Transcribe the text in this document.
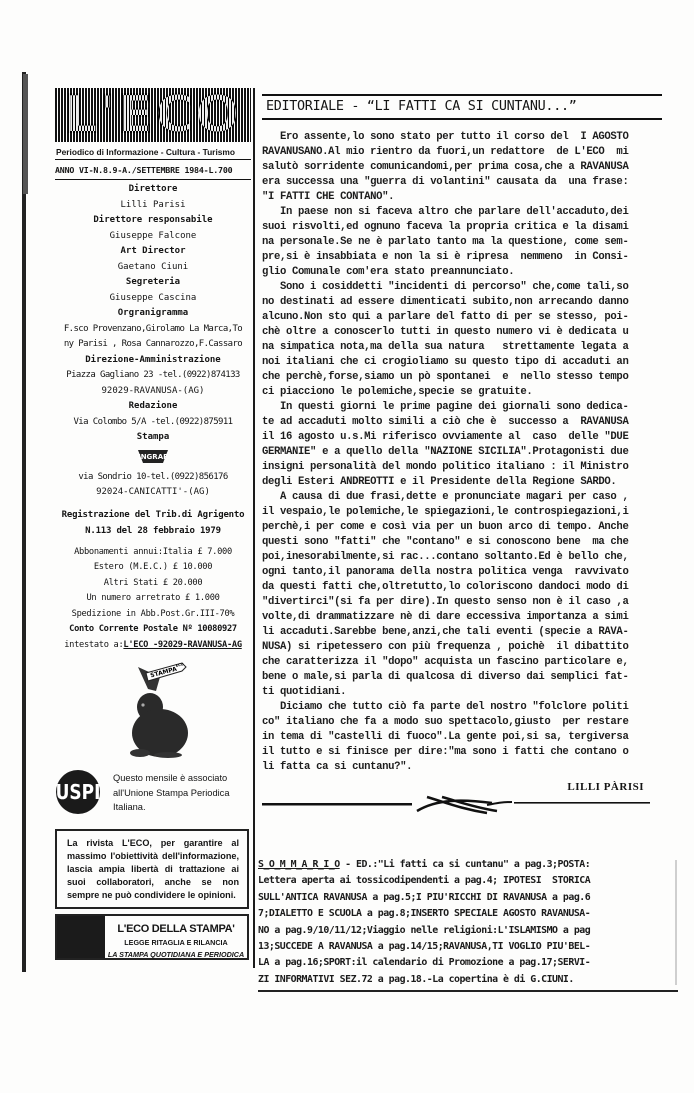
L'ECO
Periodico di Informazione - Cultura - Turismo
ANNO VI-N.8.9-A./SETTEMBRE 1984-L.700
Direttore
Lilli Parisi
Direttore responsabile
Giuseppe Falcone
Art Director
Gaetano Ciuni
Segreteria
Giuseppe Cascina
Orgranigramma
F.sco Provenzano,Girolamo La Marca,To
ny Parisi , Rosa Cannarozzo,F.Cassaro
Direzione-Amministrazione
Piazza Gagliano 23 -tel.(0922)874133
92029-RAVANUSA-(AG)
Redazione
Via Colombo 5/A -tel.(0922)875911
Stampa
INGRAF
via Sondrio 10-tel.(0922)856176
92024-CANICATTI'-(AG)
Registrazione del Trib.di Agrigento
N.113 del 28 febbraio 1979
Abbonamenti annui:Italia £ 7.000
Estero (M.E.C.) £ 10.000
Altri Stati £ 20.000
Un numero arretrato £ 1.000
Spedizione in Abb.Post.Gr.III-70%
Conto Corrente Postale Nº 10080927
intestato a:L'ECO -92029-RAVANUSA-AG
STAMPA
ECO
USPI
Questo mensile è associato all'Unione Stampa Periodica Italiana.
La rivista L'ECO, per garantire al massimo l'obiettività dell'informazione, lascia ampia libertà di trattazione ai suoi collaboratori, anche se non sempre ne può condividere le opinioni.
L'ECO DELLA STAMPA'
LEGGE RITAGLIA E RILANCIA
LA STAMPA QUOTIDIANA E PERIODICA
EDITORIALE - “LI FATTI CA SI CUNTANU...”

Ero assente,lo sono stato per tutto il corso del  I AGOSTO

RAVANUSANO.Al mio rientro da fuori,un redattore  de L'ECO  mi

salutò sorridente comunicandomi,per prima cosa,che a RAVANUSA

era successa una "guerra di volantini" causata da  una frase:

"I FATTI CHE CONTANO".

In paese non si faceva altro che parlare dell'accaduto,dei

suoi risvolti,ed ognuno faceva la propria critica e la disami

na personale.Se ne è parlato tanto ma la questione, come sem-

pre,si è insabbiata e non la si è ripresa  nemmeno  in Consi-

glio Comunale com'era stato preannunciato.

Sono i cosiddetti "incidenti di percorso" che,come tali,so

no destinati ad essere dimenticati subito,non arrecando danno

alcuno.Non sto qui a parlare del fatto di per se stesso, poi-

chè oltre a conoscerlo tutti in questo numero vi è dedicata u

na simpatica nota,ma della sua natura   strettamente legata a

noi italiani che ci crogioliamo su questo tipo di accaduti an

che perchè,forse,siamo un pò spontanei  e  nello stesso tempo

ci piacciono le polemiche,specie se gratuite.

In questi giorni le prime pagine dei giornali sono dedica-

te ad accaduti molto simili a ciò che è  successo a  RAVANUSA

il 16 agosto u.s.Mi riferisco ovviamente al  caso  delle "DUE

GERMANIE" e a quello della "NAZIONE SICILIA".Protagonisti due

insigni personalità del mondo politico italiano : il Ministro

degli Esteri ANDREOTTI e il Presidente della Regione SARDO.

A causa di due frasi,dette e pronunciate magari per caso ,

il vespaio,le polemiche,le spiegazioni,le controspiegazioni,i

perchè,i per come e così via per un buon arco di tempo. Anche

questi sono "fatti" che "contano" e si conoscono bene  ma che

poi,inesorabilmente,si rac...contano soltanto.Ed è bello che,

ogni tanto,il panorama della nostra politica venga  ravvivato

da questi fatti che,oltretutto,lo coloriscono dandoci modo di

"divertirci"(si fa per dire).In questo senso non è il caso ,a

volte,di drammatizzare nè di dare eccessiva importanza a simi

li accaduti.Sarebbe bene,anzi,che tali eventi (specie a RAVA-

NUSA) si ripetessero con più frequenza , poichè  il dibattito

che caratterizza il "dopo" acquista un fascino particolare e,

bene o male,si parla di qualcosa di diverso dai semplici fat-

ti quotidiani.

Diciamo che tutto ciò fa parte del nostro "folclore politi

co" italiano che fa a modo suo spettacolo,giusto  per restare

in tema di "castelli di fuoco".La gente poi,si sa, tergiversa

il tutto e si finisce per dire:"ma sono i fatti che contano o

li fatta ca si cuntanu?".

LILLI PÀRISI

S_O_M_M_A_R_I_O - ED.:"Li fatti ca si cuntanu" a pag.3;POSTA:

Lettera aperta ai tossicodipendenti a pag.4; IPOTESI  STORICA

SULL'ANTICA RAVANUSA a pag.5;I PIU'RICCHI DI RAVANUSA a pag.6

7;DIALETTO E SCUOLA a pag.8;INSERTO SPECIALE AGOSTO RAVANUSA-

NO a pag.9/10/11/12;Viaggio nelle religioni:L'ISLAMISMO a pag

13;SUCCEDE A RAVANUSA a pag.14/15;RAVANUSA,TI VOGLIO PIU'BEL-

LA a pag.16;SPORT:il calendario di Promozione a pag.17;SERVI-

ZI INFORMATIVI SEZ.72 a pag.18.-La copertina è di G.CIUNI.
